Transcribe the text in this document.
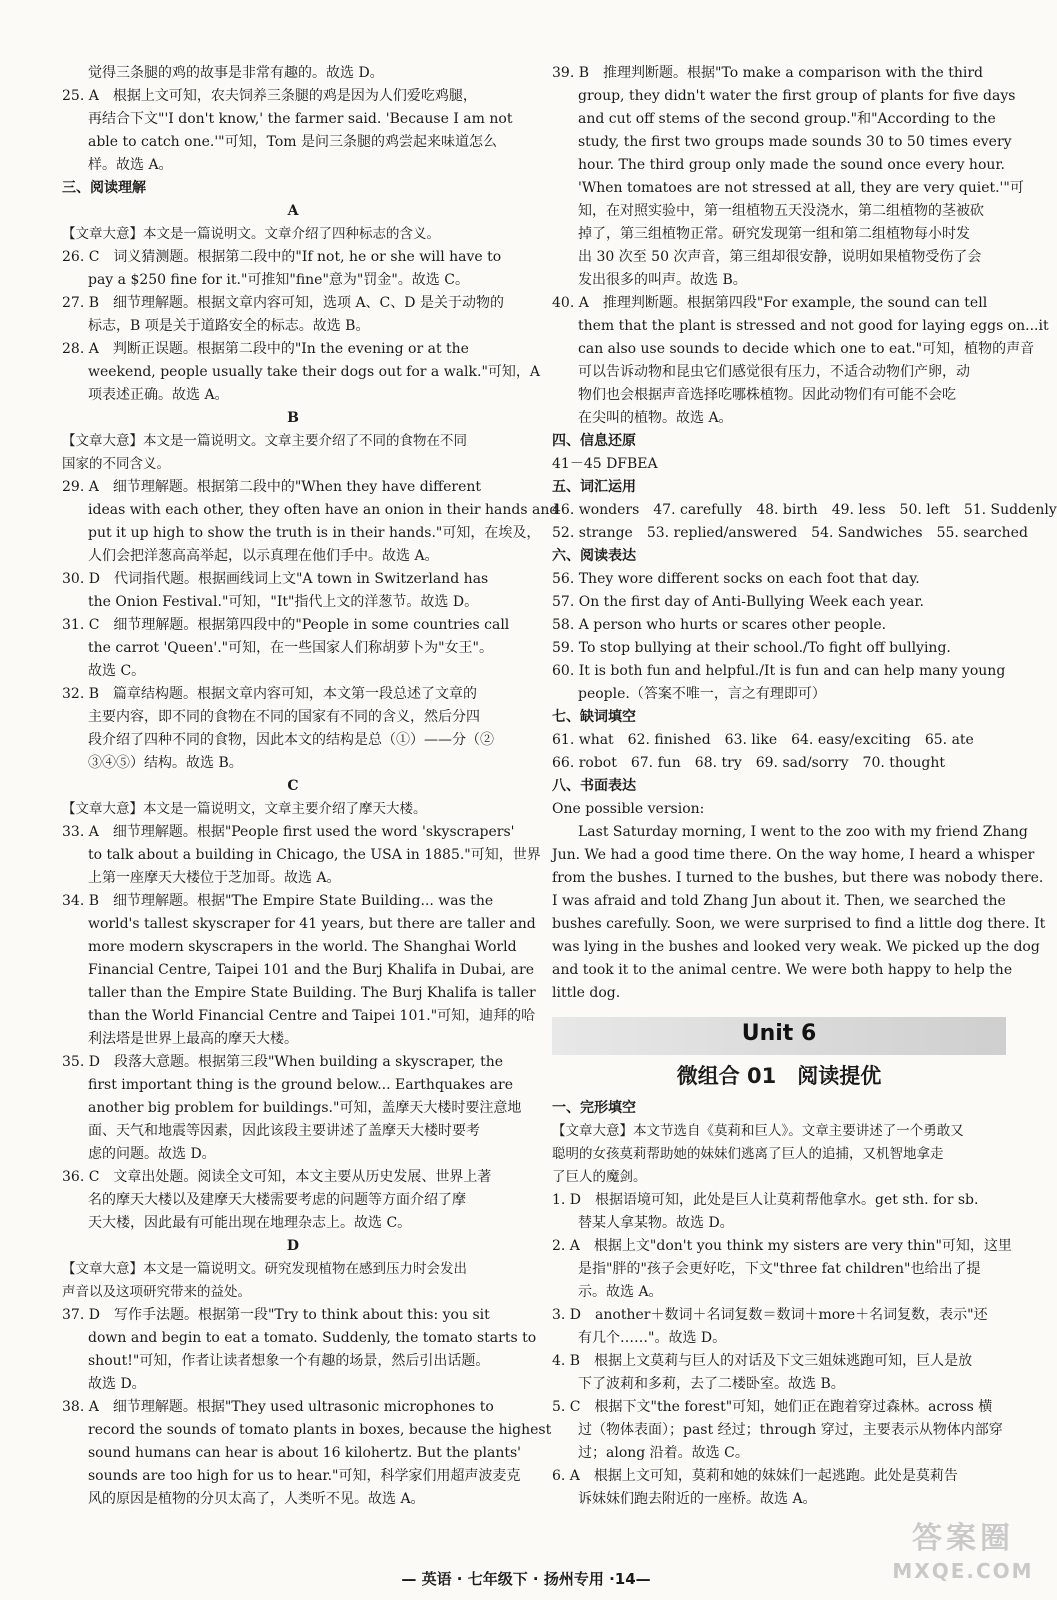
觉得三条腿的鸡的故事是非常有趣的。故选 D。
25. A　根据上文可知，农夫饲养三条腿的鸡是因为人们爱吃鸡腿，
再结合下文"'I don't know,' the farmer said. 'Because I am not
able to catch one.'"可知，Tom 是问三条腿的鸡尝起来味道怎么
样。故选 A。
三、阅读理解
A
【文章大意】本文是一篇说明文。文章介绍了四种标志的含义。
26. C　词义猜测题。根据第二段中的"If not, he or she will have to
pay a $250 fine for it."可推知"fine"意为"罚金"。故选 C。
27. B　细节理解题。根据文章内容可知，选项 A、C、D 是关于动物的
标志，B 项是关于道路安全的标志。故选 B。
28. A　判断正误题。根据第二段中的"In the evening or at the
weekend, people usually take their dogs out for a walk."可知，A
项表述正确。故选 A。
B
【文章大意】本文是一篇说明文。文章主要介绍了不同的食物在不同
国家的不同含义。
29. A　细节理解题。根据第二段中的"When they have different
ideas with each other, they often have an onion in their hands and
put it up high to show the truth is in their hands."可知，在埃及，
人们会把洋葱高高举起，以示真理在他们手中。故选 A。
30. D　代词指代题。根据画线词上文"A town in Switzerland has
the Onion Festival."可知，"It"指代上文的洋葱节。故选 D。
31. C　细节理解题。根据第四段中的"People in some countries call
the carrot 'Queen'."可知，在一些国家人们称胡萝卜为"女王"。
故选 C。
32. B　篇章结构题。根据文章内容可知，本文第一段总述了文章的
主要内容，即不同的食物在不同的国家有不同的含义，然后分四
段介绍了四种不同的食物，因此本文的结构是总（①）——分（②
③④⑤）结构。故选 B。
C
【文章大意】本文是一篇说明文，文章主要介绍了摩天大楼。
33. A　细节理解题。根据"People first used the word 'skyscrapers'
to talk about a building in Chicago, the USA in 1885."可知，世界
上第一座摩天大楼位于芝加哥。故选 A。
34. B　细节理解题。根据"The Empire State Building... was the
world's tallest skyscraper for 41 years, but there are taller and
more modern skyscrapers in the world. The Shanghai World
Financial Centre, Taipei 101 and the Burj Khalifa in Dubai, are
taller than the Empire State Building. The Burj Khalifa is taller
than the World Financial Centre and Taipei 101."可知，迪拜的哈
利法塔是世界上最高的摩天大楼。
35. D　段落大意题。根据第三段"When building a skyscraper, the
first important thing is the ground below... Earthquakes are
another big problem for buildings."可知，盖摩天大楼时要注意地
面、天气和地震等因素，因此该段主要讲述了盖摩天大楼时要考
虑的问题。故选 D。
36. C　文章出处题。阅读全文可知，本文主要从历史发展、世界上著
名的摩天大楼以及建摩天大楼需要考虑的问题等方面介绍了摩
天大楼，因此最有可能出现在地理杂志上。故选 C。
D
【文章大意】本文是一篇说明文。研究发现植物在感到压力时会发出
声音以及这项研究带来的益处。
37. D　写作手法题。根据第一段"Try to think about this: you sit
down and begin to eat a tomato. Suddenly, the tomato starts to
shout!"可知，作者让读者想象一个有趣的场景，然后引出话题。
故选 D。
38. A　细节理解题。根据"They used ultrasonic microphones to
record the sounds of tomato plants in boxes, because the highest
sound humans can hear is about 16 kilohertz. But the plants'
sounds are too high for us to hear."可知，科学家们用超声波麦克
风的原因是植物的分贝太高了，人类听不见。故选 A。
39. B　推理判断题。根据"To make a comparison with the third
group, they didn't water the first group of plants for five days
and cut off stems of the second group."和"According to the
study, the first two groups made sounds 30 to 50 times every
hour. The third group only made the sound once every hour.
'When tomatoes are not stressed at all, they are very quiet.'"可
知，在对照实验中，第一组植物五天没浇水，第二组植物的茎被砍
掉了，第三组植物正常。研究发现第一组和第二组植物每小时发
出 30 次至 50 次声音，第三组却很安静，说明如果植物受伤了会
发出很多的叫声。故选 B。
40. A　推理判断题。根据第四段"For example, the sound can tell
them that the plant is stressed and not good for laying eggs on...it
can also use sounds to decide which one to eat."可知，植物的声音
可以告诉动物和昆虫它们感觉很有压力，不适合动物们产卵，动
物们也会根据声音选择吃哪株植物。因此动物们有可能不会吃
在尖叫的植物。故选 A。
四、信息还原
41－45 DFBEA
五、词汇运用
46. wonders　47. carefully　48. birth　49. less　50. left　51. Suddenly
52. strange　53. replied/answered　54. Sandwiches　55. searched
六、阅读表达
56. They wore different socks on each foot that day.
57. On the first day of Anti-Bullying Week each year.
58. A person who hurts or scares other people.
59. To stop bullying at their school./To fight off bullying.
60. It is both fun and helpful./It is fun and can help many young
people.（答案不唯一，言之有理即可）
七、缺词填空
61. what　62. finished　63. like　64. easy/exciting　65. ate
66. robot　67. fun　68. try　69. sad/sorry　70. thought
八、书面表达
One possible version:
Last Saturday morning, I went to the zoo with my friend Zhang
Jun. We had a good time there. On the way home, I heard a whisper
from the bushes. I turned to the bushes, but there was nobody there.
I was afraid and told Zhang Jun about it. Then, we searched the
bushes carefully. Soon, we were surprised to find a little dog there. It
was lying in the bushes and looked very weak. We picked up the dog
and took it to the animal centre. We were both happy to help the
little dog.
Unit 6
微组合 01　阅读提优
一、完形填空
【文章大意】本文节选自《莫莉和巨人》。文章主要讲述了一个勇敢又
聪明的女孩莫莉帮助她的妹妹们逃离了巨人的追捕，又机智地拿走
了巨人的魔剑。
1. D　根据语境可知，此处是巨人让莫莉帮他拿水。get sth. for sb.
替某人拿某物。故选 D。
2. A　根据上文"don't you think my sisters are very thin"可知，这里
是指"胖的"孩子会更好吃，下文"three fat children"也给出了提
示。故选 A。
3. D　another＋数词＋名词复数＝数词＋more＋名词复数，表示"还
有几个……"。故选 D。
4. B　根据上文莫莉与巨人的对话及下文三姐妹逃跑可知，巨人是放
下了波莉和多莉，去了二楼卧室。故选 B。
5. C　根据下文"the forest"可知，她们正在跑着穿过森林。across 横
过（物体表面）；past 经过；through 穿过，主要表示从物体内部穿
过；along 沿着。故选 C。
6. A　根据上文可知，莫莉和她的妹妹们一起逃跑。此处是莫莉告
诉妹妹们跑去附近的一座桥。故选 A。
— 英语 · 七年级下 · 扬州专用 ·14—
答案圈
MXQE.COM
